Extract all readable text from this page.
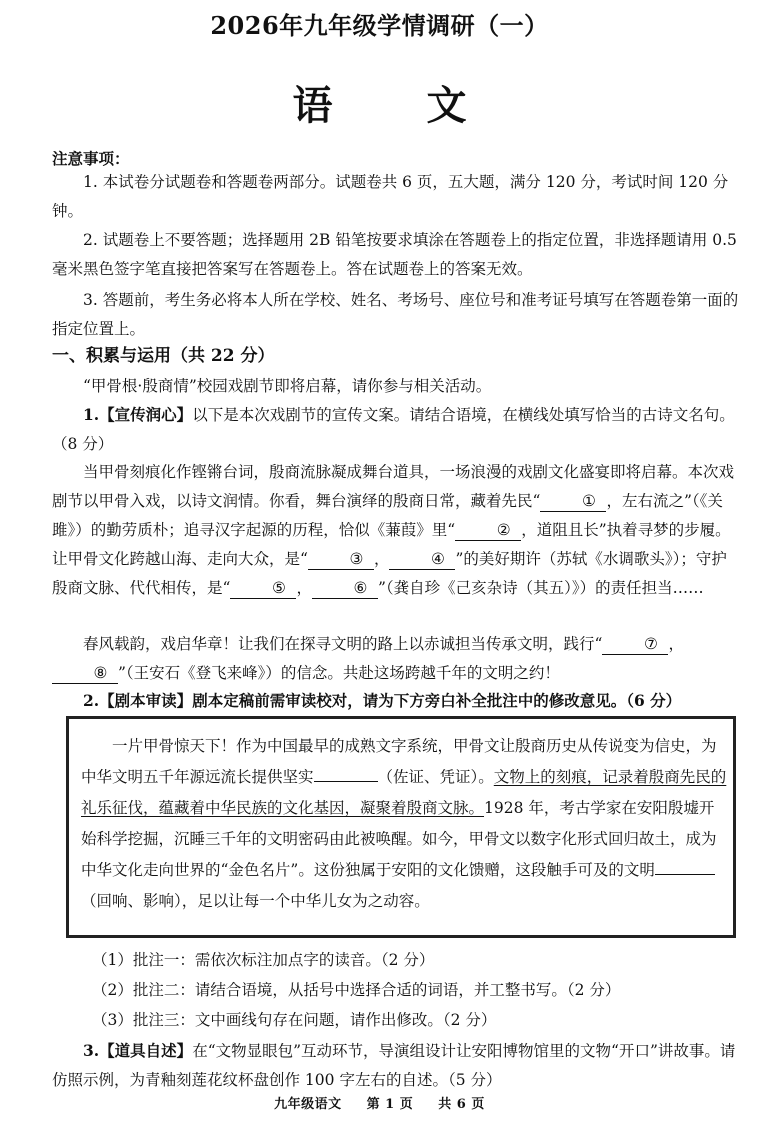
2026年九年级学情调研（一）
语 文
注意事项：
1. 本试卷分试题卷和答题卷两部分。试题卷共 6 页，五大题，满分 120 分，考试时间 120 分钟。
2. 试题卷上不要答题；选择题用 2B 铅笔按要求填涂在答题卷上的指定位置，非选择题请用 0.5 毫米黑色签字笔直接把答案写在答题卷上。答在试题卷上的答案无效。
3. 答题前，考生务必将本人所在学校、姓名、考场号、座位号和准考证号填写在答题卷第一面的指定位置上。
一、积累与运用（共 22 分）
“甲骨根·殷商情”校园戏剧节即将启幕，请你参与相关活动。
1.【宣传润心】以下是本次戏剧节的宣传文案。请结合语境，在横线处填写恰当的古诗文名句。（8 分）
当甲骨刻痕化作铿锵台词，殷商流脉凝成舞台道具，一场浪漫的戏剧文化盛宴即将启幕。本次戏剧节以甲骨入戏，以诗文润情。你看，舞台演绎的殷商日常，藏着先民“	① ，左右流之”（《关雎》）的勤劳质朴；追寻汉字起源的历程，恰似《蒹葭》里“	② ，道阻且长”执着寻梦的步履。让甲骨文化跨越山海、走向大众，是“	③ ，	④ ”的美好期许（苏轼《水调歌头》）；守护殷商文脉、代代相传，是“	⑤ ，	⑥ ”（龚自珍《己亥杂诗（其五）》）的责任担当……
春风载韵，戏启华章！让我们在探寻文明的路上以赤诚担当传承文明，践行“	⑦ ，⑧ ”（王安石《登飞来峰》）的信念。共赴这场跨越千年的文明之约！
2.【剧本审读】剧本定稿前需审读校对，请为下方旁白补全批注中的修改意见。（6 分）
一片甲骨惊天下！作为中国最早的成熟文字系统，甲骨文让殷商历史从传说变为信史，为中华文明五千年源远流长提供坚实	（佐证、凭证）。文物上的刻痕，记录着殷商先民的礼乐征伐，蕴藏着中华民族的文化基因，凝聚着殷商文脉。1928 年，考古学家在安阳殷墟开始科学挖掘，沉睡三千年的文明密码由此被唤醒。如今，甲骨文以数字化形式回归故土，成为中华文化走向世界的“金色名片”。这份独属于安阳的文化馈赠，这段触手可及的文明（回响、影响），足以让每一个中华儿女为之动容。
（1）批注一：需依次标注加点字的读音。（2 分）
（2）批注二：请结合语境，从括号中选择合适的词语，并工整书写。（2 分）
（3）批注三：文中画线句存在问题，请作出修改。（2 分）
3.【道具自述】在“文物显眼包”互动环节，导演组设计让安阳博物馆里的文物“开口”讲故事。请仿照示例，为青釉刻莲花纹杯盘创作 100 字左右的自述。（5 分）
九年级语文 第 1 页 共 6 页
